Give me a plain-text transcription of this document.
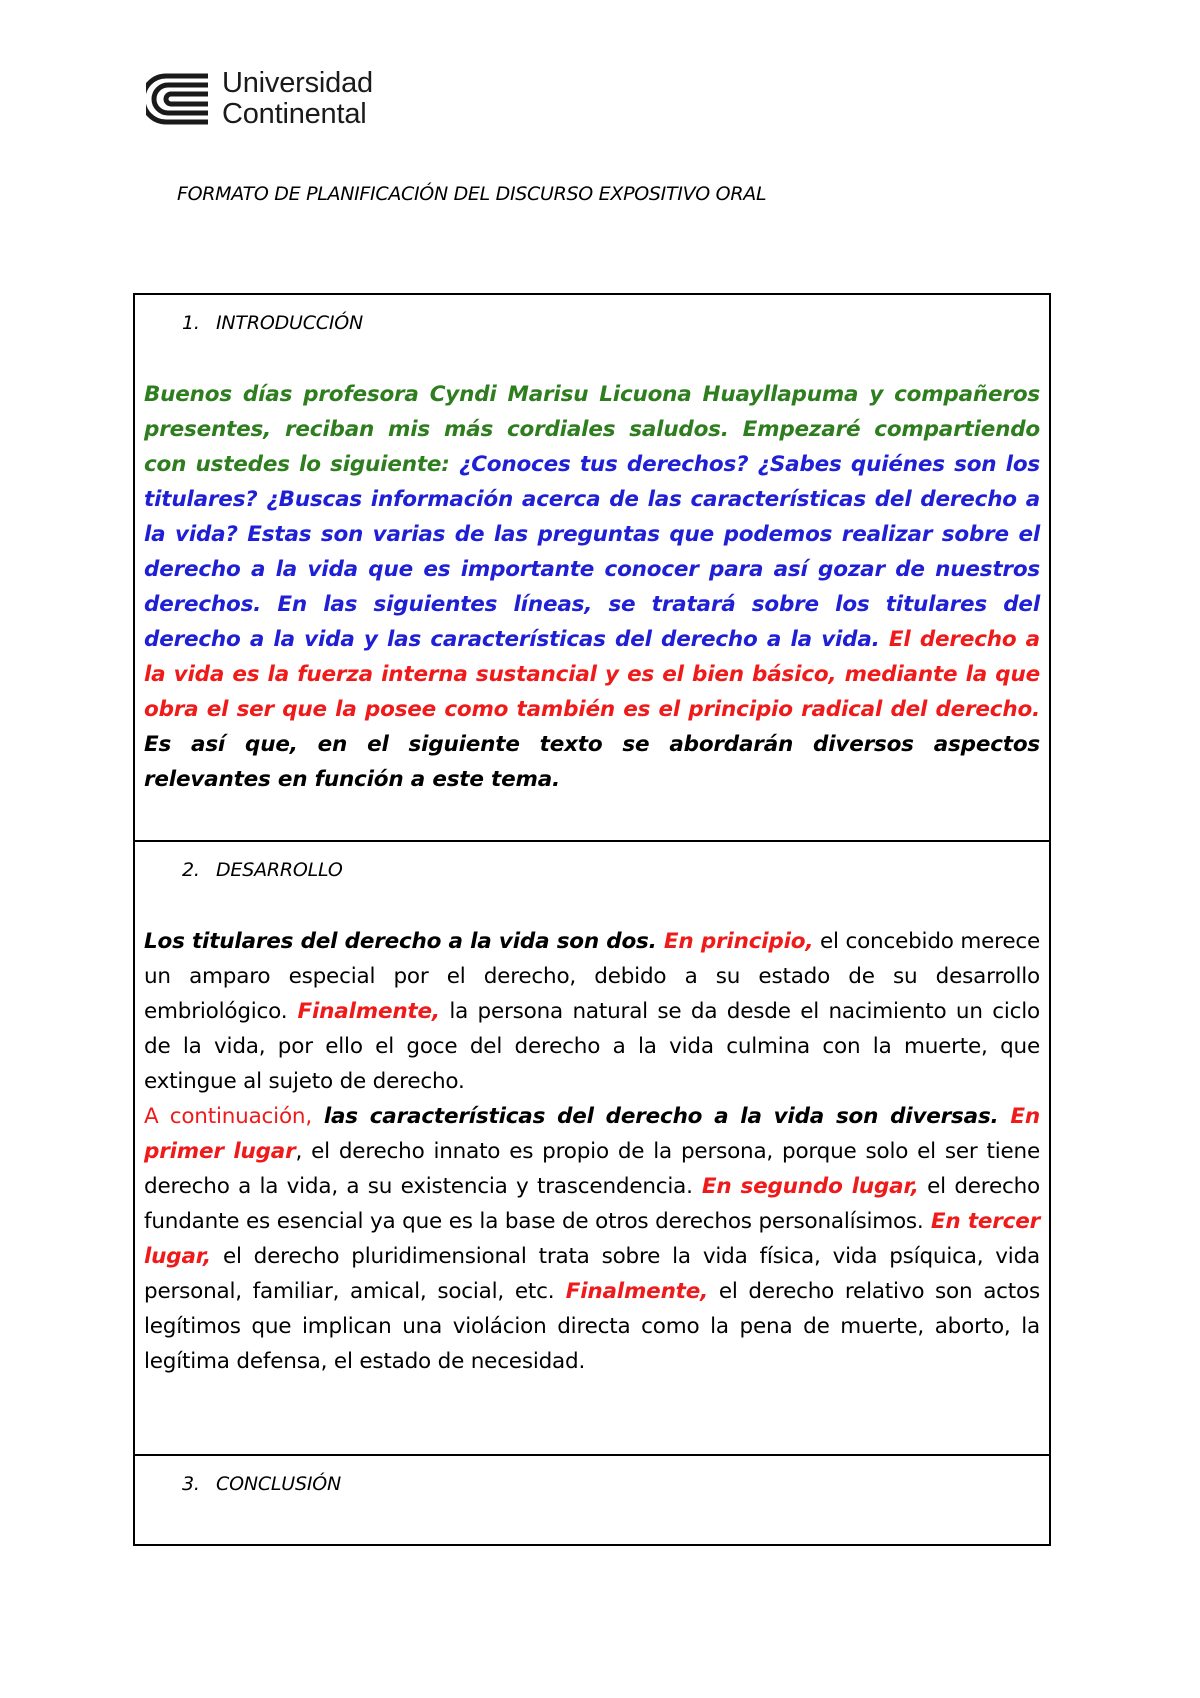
Universidad
Continental
FORMATO DE PLANIFICACIÓN DEL DISCURSO EXPOSITIVO ORAL
1. INTRODUCCIÓN

Buenos días profesora Cyndi Marisu Licuona Huayllapuma y compañeros presentes, reciban mis más cordiales saludos. Empezaré compartiendo con ustedes lo siguiente: ¿Conoces tus derechos? ¿Sabes quiénes son los titulares? ¿Buscas información acerca de las características del derecho a la vida? Estas son varias de las preguntas que podemos realizar sobre el derecho a la vida que es importante conocer para así gozar de nuestros derechos. En las siguientes líneas, se tratará sobre los titulares del derecho a la vida y las características del derecho a la vida. El derecho a la vida es la fuerza interna sustancial y es el bien básico, mediante la que obra el ser que la posee como también es el principio radical del derecho. Es así que, en el siguiente texto se abordarán diversos aspectos relevantes en función a este tema.

2. DESARROLLO

Los titulares del derecho a la vida son dos. En principio, el concebido merece un amparo especial por el derecho, debido a su estado de su desarrollo embriológico. Finalmente, la persona natural se da desde el nacimiento un ciclo de la vida, por ello el goce del derecho a la vida culmina con la muerte, que extingue al sujeto de derecho.

A continuación, las características del derecho a la vida son diversas. En primer lugar, el derecho innato es propio de la persona, porque solo el ser tiene derecho a la vida, a su existencia y trascendencia. En segundo lugar, el derecho fundante es esencial ya que es la base de otros derechos personalísimos. En tercer lugar, el derecho pluridimensional trata sobre la vida física, vida psíquica, vida personal, familiar, amical, social, etc. Finalmente, el derecho relativo son actos legítimos que implican una violácion directa como la pena de muerte, aborto, la legítima defensa, el estado de necesidad.

3. CONCLUSIÓN
